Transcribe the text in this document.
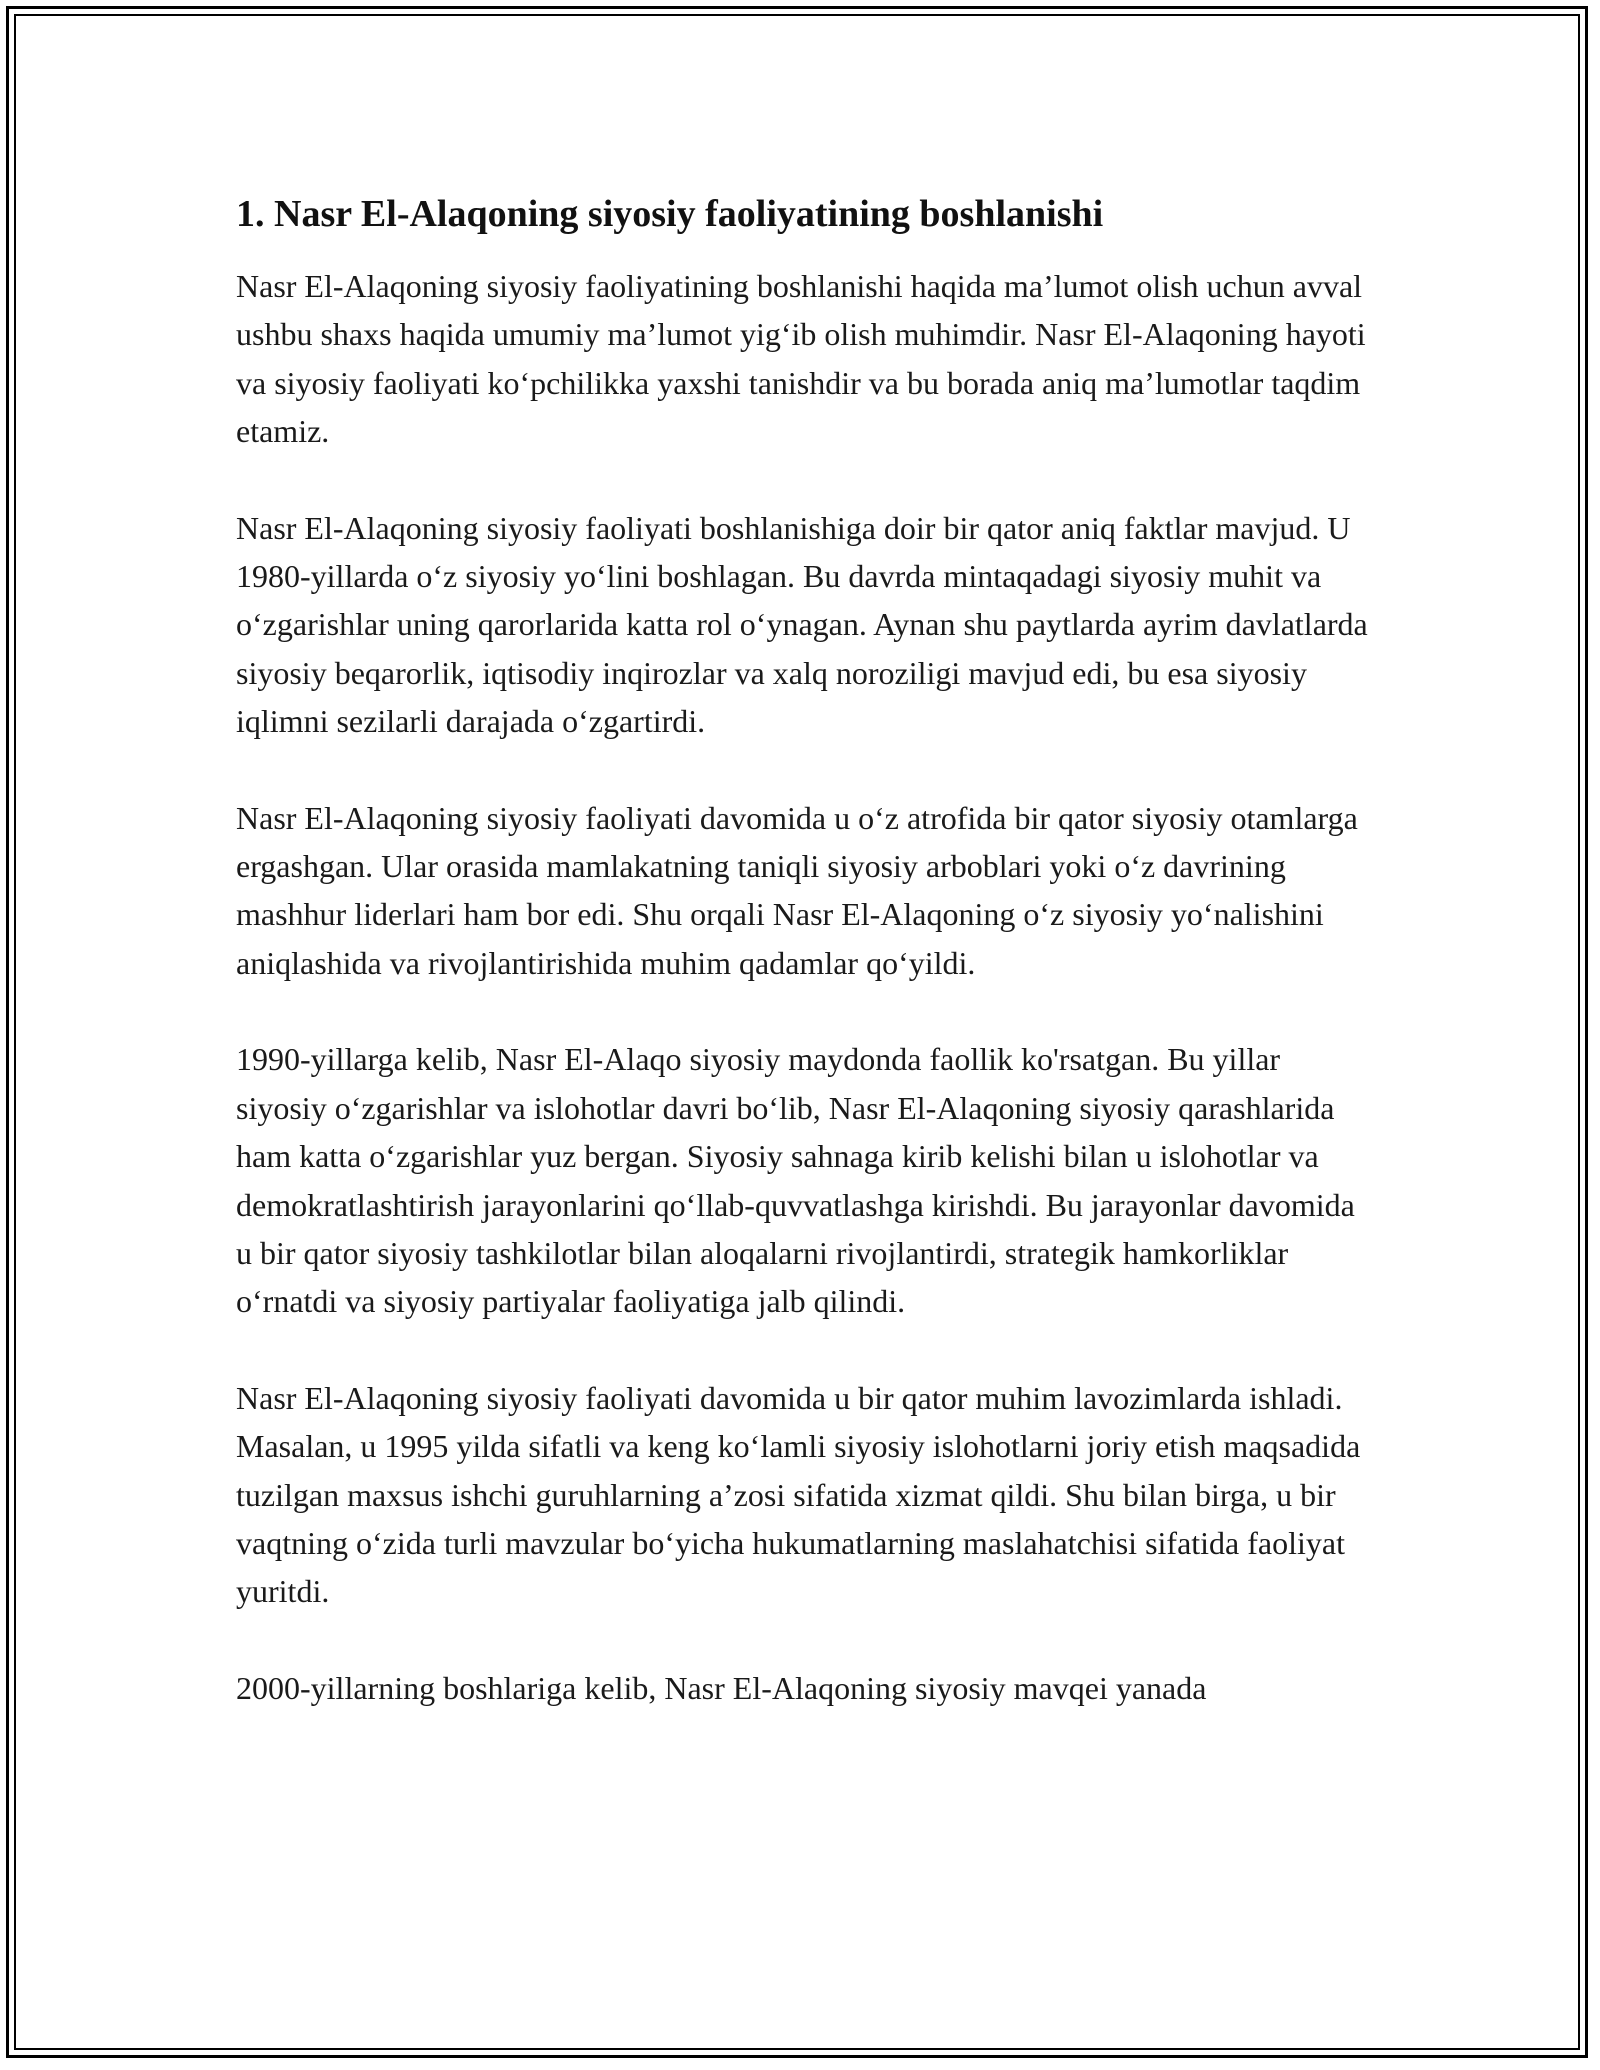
1. Nasr El-Alaqoning siyosiy faoliyatining boshlanishi

Nasr El-Alaqoning siyosiy faoliyatining boshlanishi haqida ma’lumot olish uchun avval ushbu shaxs haqida umumiy ma’lumot yig‘ib olish muhimdir. Nasr El-Alaqoning hayoti va siyosiy faoliyati ko‘pchilikka yaxshi tanishdir va bu borada aniq ma’lumotlar taqdim etamiz.

Nasr El-Alaqoning siyosiy faoliyati boshlanishiga doir bir qator aniq faktlar mavjud. U 1980-yillarda o‘z siyosiy yo‘lini boshlagan. Bu davrda mintaqadagi siyosiy muhit va o‘zgarishlar uning qarorlarida katta rol o‘ynagan. Aynan shu paytlarda ayrim davlatlarda siyosiy beqarorlik, iqtisodiy inqirozlar va xalq noroziligi mavjud edi, bu esa siyosiy iqlimni sezilarli darajada o‘zgartirdi.

Nasr El-Alaqoning siyosiy faoliyati davomida u o‘z atrofida bir qator siyosiy otamlarga ergashgan. Ular orasida mamlakatning taniqli siyosiy arboblari yoki o‘z davrining mashhur liderlari ham bor edi. Shu orqali Nasr El-Alaqoning o‘z siyosiy yo‘nalishini aniqlashida va rivojlantirishida muhim qadamlar qo‘yildi.

1990-yillarga kelib, Nasr El-Alaqo siyosiy maydonda faollik ko'rsatgan. Bu yillar siyosiy o‘zgarishlar va islohotlar davri bo‘lib, Nasr El-Alaqoning siyosiy qarashlarida ham katta o‘zgarishlar yuz bergan. Siyosiy sahnaga kirib kelishi bilan u islohotlar va demokratlashtirish jarayonlarini qo‘llab-quvvatlashga kirishdi. Bu jarayonlar davomida u bir qator siyosiy tashkilotlar bilan aloqalarni rivojlantirdi, strategik hamkorliklar o‘rnatdi va siyosiy partiyalar faoliyatiga jalb qilindi.

Nasr El-Alaqoning siyosiy faoliyati davomida u bir qator muhim lavozimlarda ishladi. Masalan, u 1995 yilda sifatli va keng ko‘lamli siyosiy islohotlarni joriy etish maqsadida tuzilgan maxsus ishchi guruhlarning a’zosi sifatida xizmat qildi. Shu bilan birga, u bir vaqtning o‘zida turli mavzular bo‘yicha hukumatlarning maslahatchisi sifatida faoliyat yuritdi.

2000-yillarning boshlariga kelib, Nasr El-Alaqoning siyosiy mavqei yanada
